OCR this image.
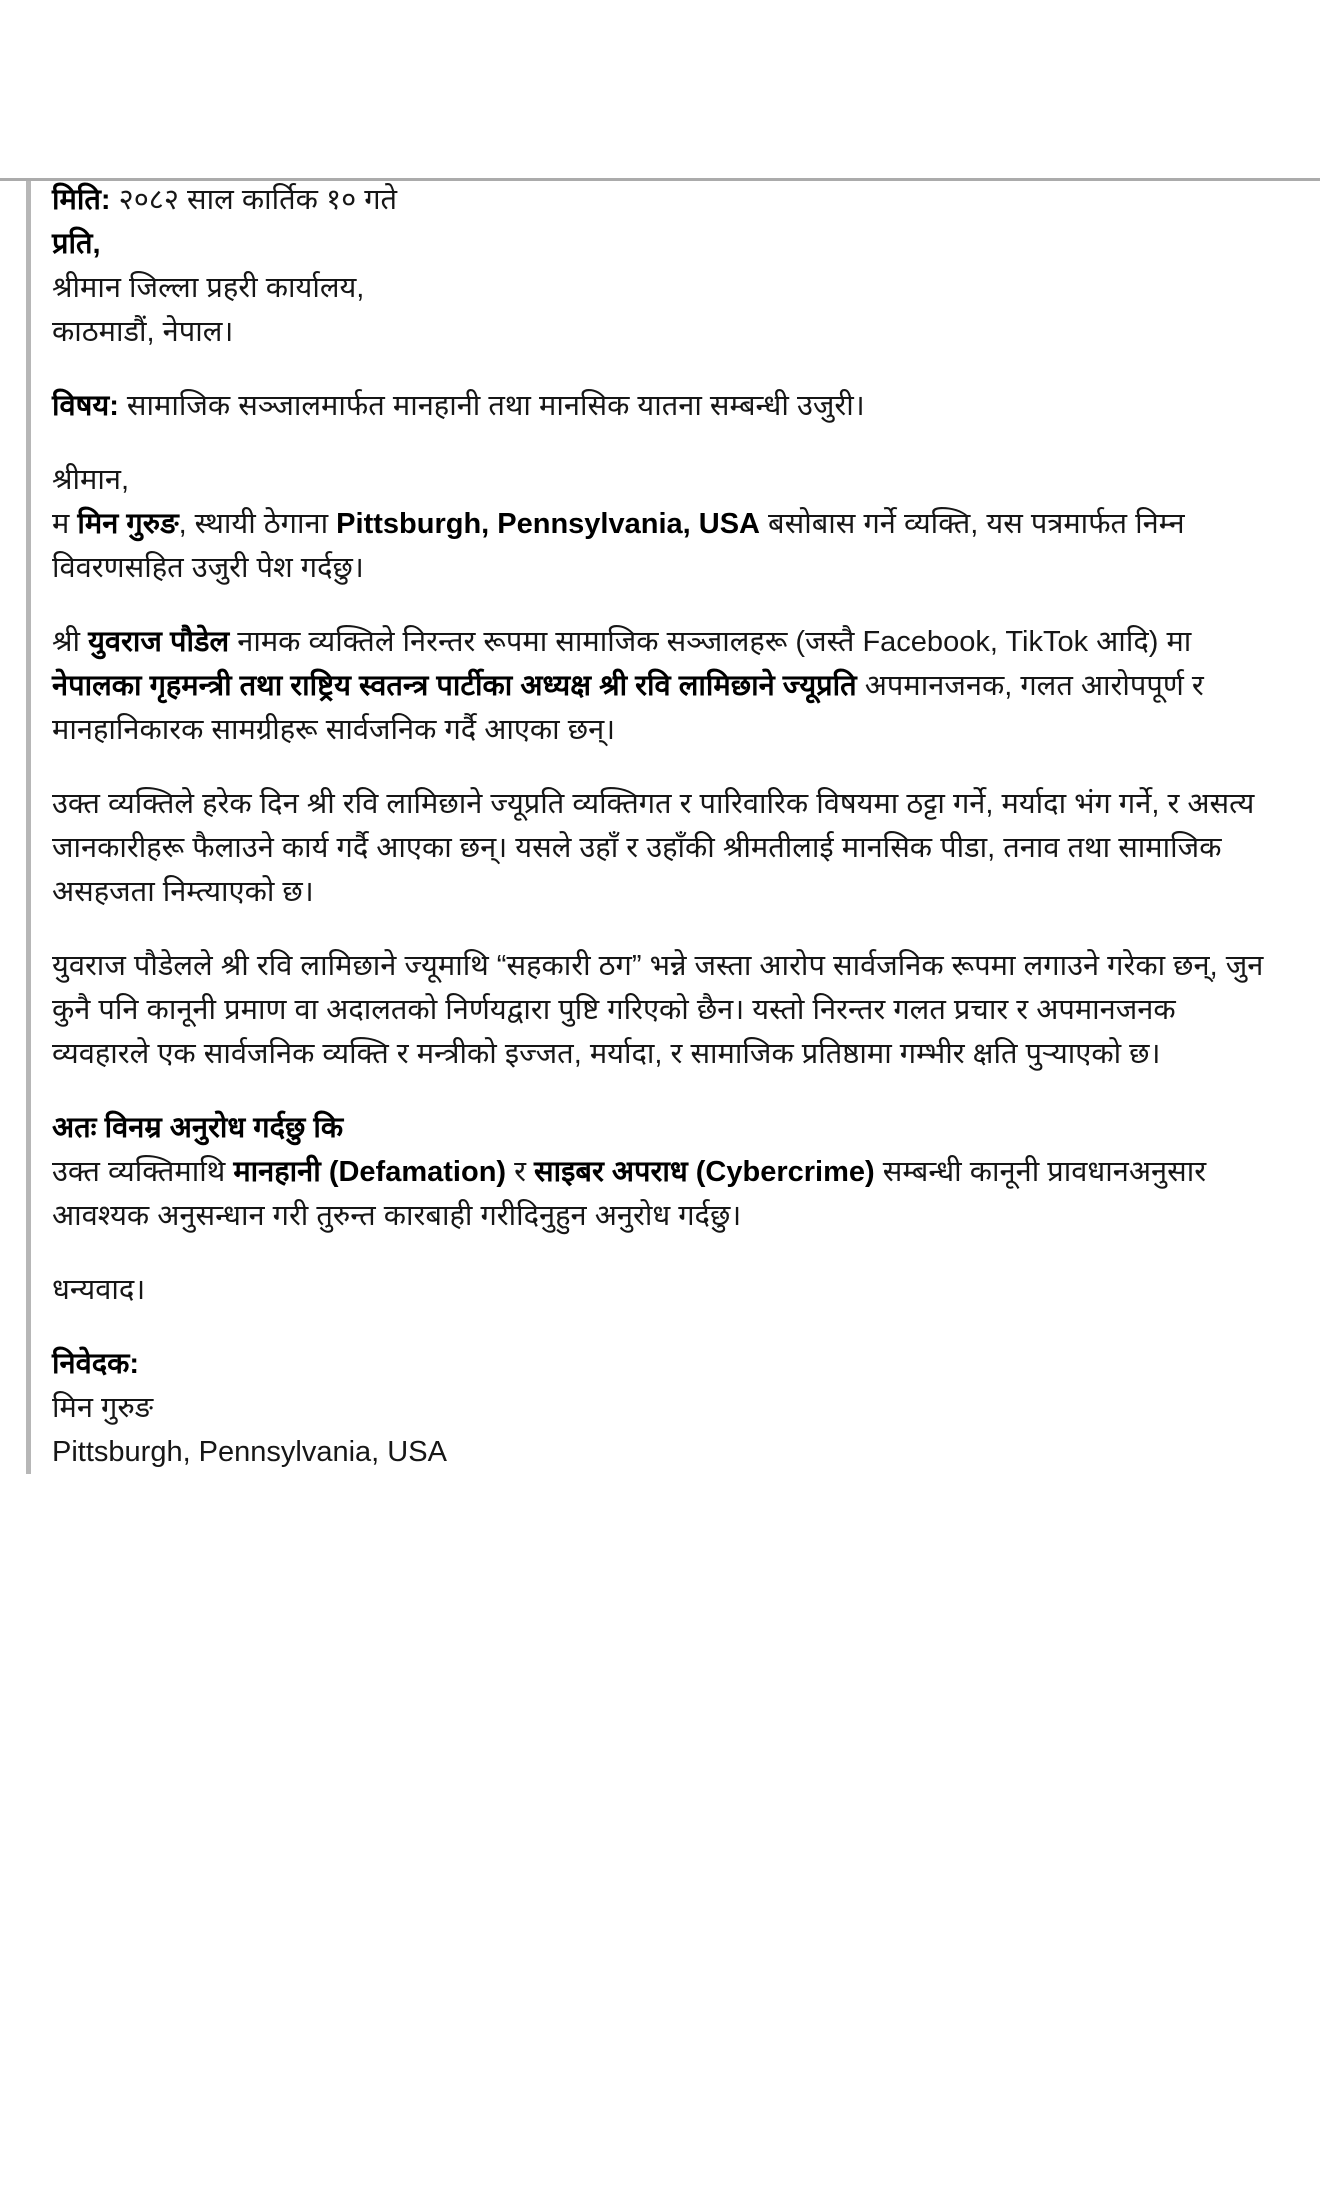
मिति: २०८२ साल कार्तिक १० गते
प्रति,
श्रीमान जिल्ला प्रहरी कार्यालय,
काठमाडौं, नेपाल।
विषय: सामाजिक सञ्जालमार्फत मानहानी तथा मानसिक यातना सम्बन्धी उजुरी।
श्रीमान,
म मिन गुरुङ, स्थायी ठेगाना Pittsburgh, Pennsylvania, USA बसोबास गर्ने व्यक्ति, यस पत्रमार्फत निम्न विवरणसहित उजुरी पेश गर्दछु।
श्री युवराज पौडेल नामक व्यक्तिले निरन्तर रूपमा सामाजिक सञ्जालहरू (जस्तै Facebook, TikTok आदि) मा नेपालका गृहमन्त्री तथा राष्ट्रिय स्वतन्त्र पार्टीका अध्यक्ष श्री रवि लामिछाने ज्यूप्रति अपमानजनक, गलत आरोपपूर्ण र मानहानिकारक सामग्रीहरू सार्वजनिक गर्दै आएका छन्।
उक्त व्यक्तिले हरेक दिन श्री रवि लामिछाने ज्यूप्रति व्यक्तिगत र पारिवारिक विषयमा ठट्टा गर्ने, मर्यादा भंग गर्ने, र असत्य जानकारीहरू फैलाउने कार्य गर्दै आएका छन्। यसले उहाँ र उहाँकी श्रीमतीलाई मानसिक पीडा, तनाव तथा सामाजिक असहजता निम्त्याएको छ।
युवराज पौडेलले श्री रवि लामिछाने ज्यूमाथि “सहकारी ठग” भन्ने जस्ता आरोप सार्वजनिक रूपमा लगाउने गरेका छन्, जुन कुनै पनि कानूनी प्रमाण वा अदालतको निर्णयद्वारा पुष्टि गरिएको छैन। यस्तो निरन्तर गलत प्रचार र अपमानजनक व्यवहारले एक सार्वजनिक व्यक्ति र मन्त्रीको इज्जत, मर्यादा, र सामाजिक प्रतिष्ठामा गम्भीर क्षति पुऱ्याएको छ।
अतः विनम्र अनुरोध गर्दछु कि
उक्त व्यक्तिमाथि मानहानी (Defamation) र साइबर अपराध (Cybercrime) सम्बन्धी कानूनी प्रावधानअनुसार आवश्यक अनुसन्धान गरी तुरुन्त कारबाही गरीदिनुहुन अनुरोध गर्दछु।
धन्यवाद।
निवेदक:
मिन गुरुङ
Pittsburgh, Pennsylvania, USA
